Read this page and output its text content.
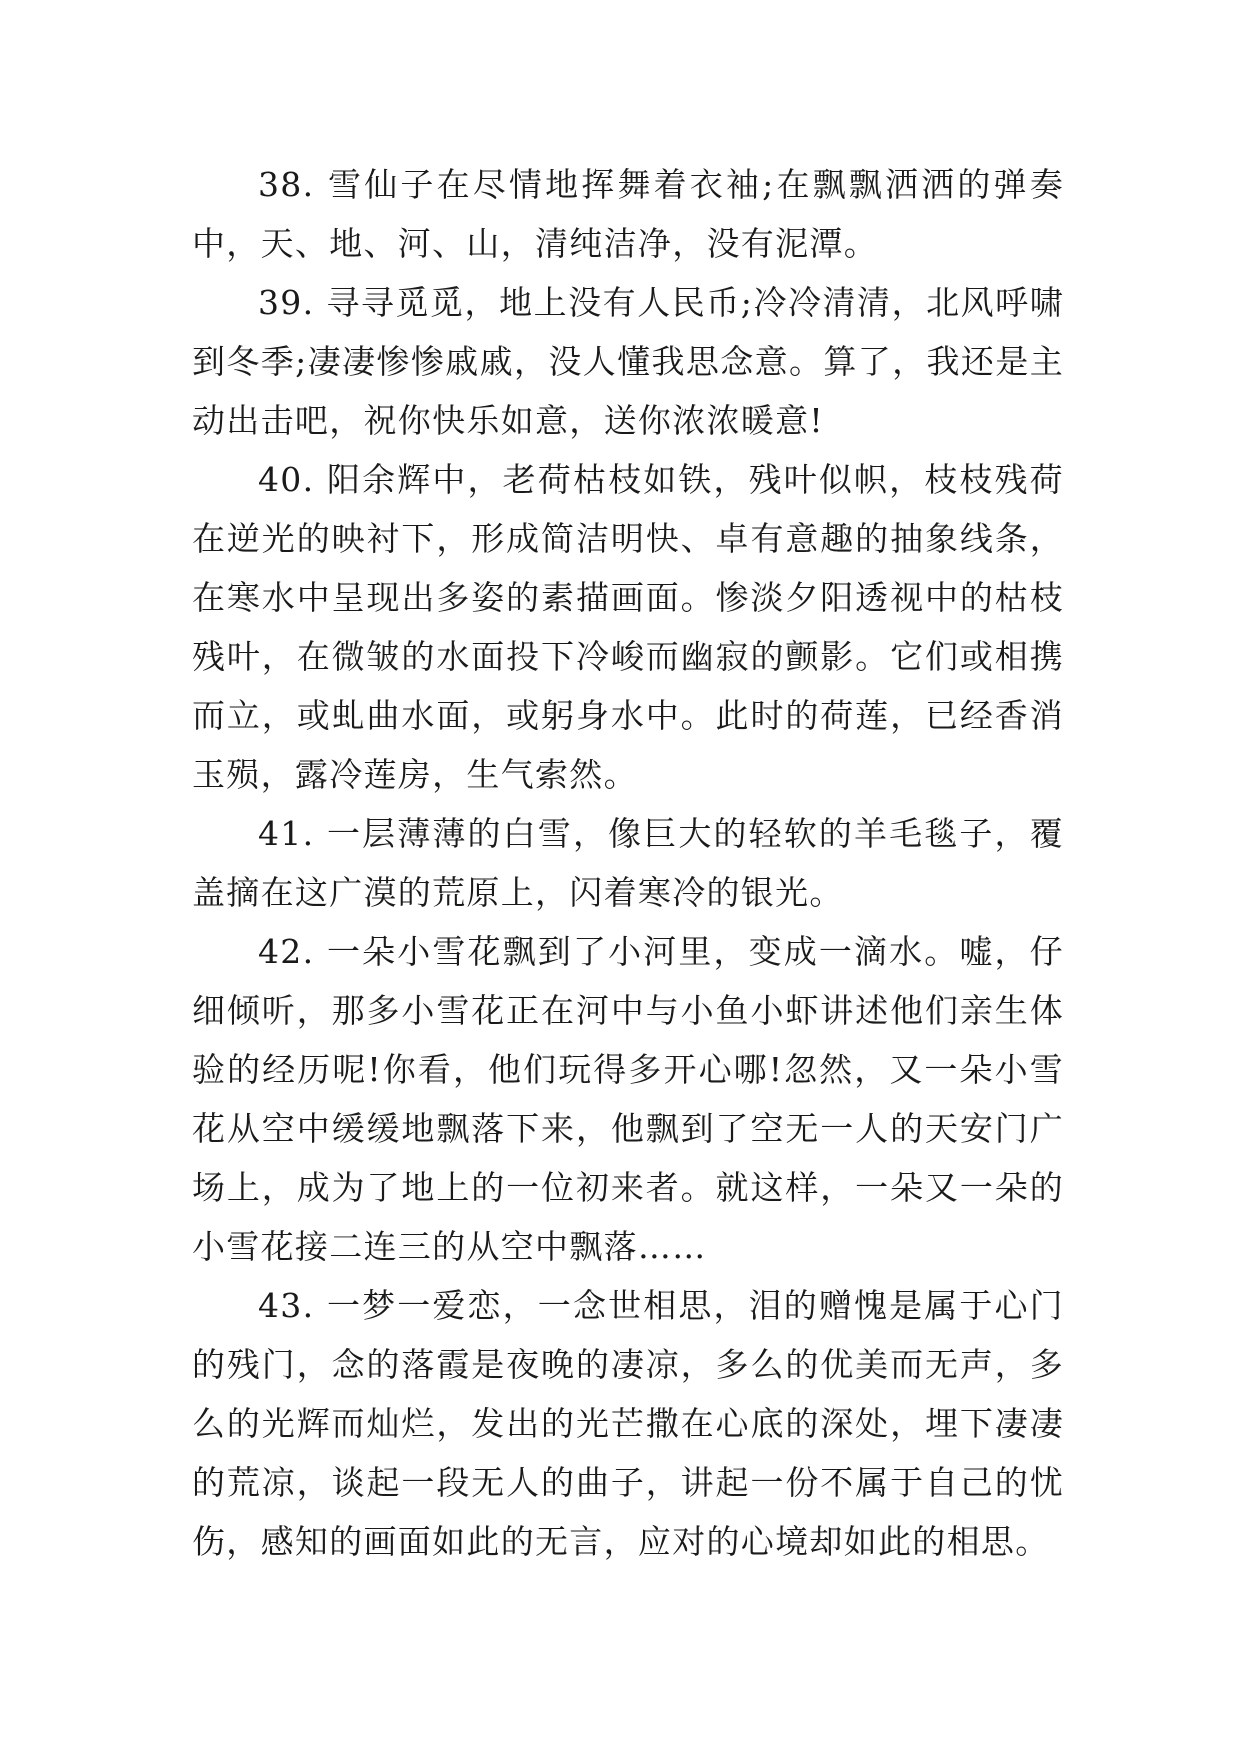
38. 雪仙子在尽情地挥舞着衣袖;在飘飘洒洒的弹奏中，天、地、河、山，清纯洁净，没有泥潭。

39. 寻寻觅觅，地上没有人民币;冷冷清清，北风呼啸到冬季;凄凄惨惨戚戚，没人懂我思念意。算了，我还是主动出击吧，祝你快乐如意，送你浓浓暖意!

40. 阳余辉中，老荷枯枝如铁，残叶似帜，枝枝残荷在逆光的映衬下，形成简洁明快、卓有意趣的抽象线条，在寒水中呈现出多姿的素描画面。惨淡夕阳透视中的枯枝残叶，在微皱的水面投下冷峻而幽寂的颤影。它们或相携而立，或虬曲水面，或躬身水中。此时的荷莲，已经香消玉殒，露冷莲房，生气索然。

41. 一层薄薄的白雪，像巨大的轻软的羊毛毯子，覆盖摘在这广漠的荒原上，闪着寒冷的银光。

42. 一朵小雪花飘到了小河里，变成一滴水。嘘，仔细倾听，那多小雪花正在河中与小鱼小虾讲述他们亲生体验的经历呢!你看，他们玩得多开心哪!忽然，又一朵小雪花从空中缓缓地飘落下来，他飘到了空无一人的天安门广场上，成为了地上的一位初来者。就这样，一朵又一朵的小雪花接二连三的从空中飘落……

43. 一梦一爱恋，一念世相思，泪的赠愧是属于心门的残门，念的落霞是夜晚的凄凉，多么的优美而无声，多么的光辉而灿烂，发出的光芒撒在心底的深处，埋下凄凄的荒凉，谈起一段无人的曲子，讲起一份不属于自己的忧伤，感知的画面如此的无言，应对的心境却如此的相思。
